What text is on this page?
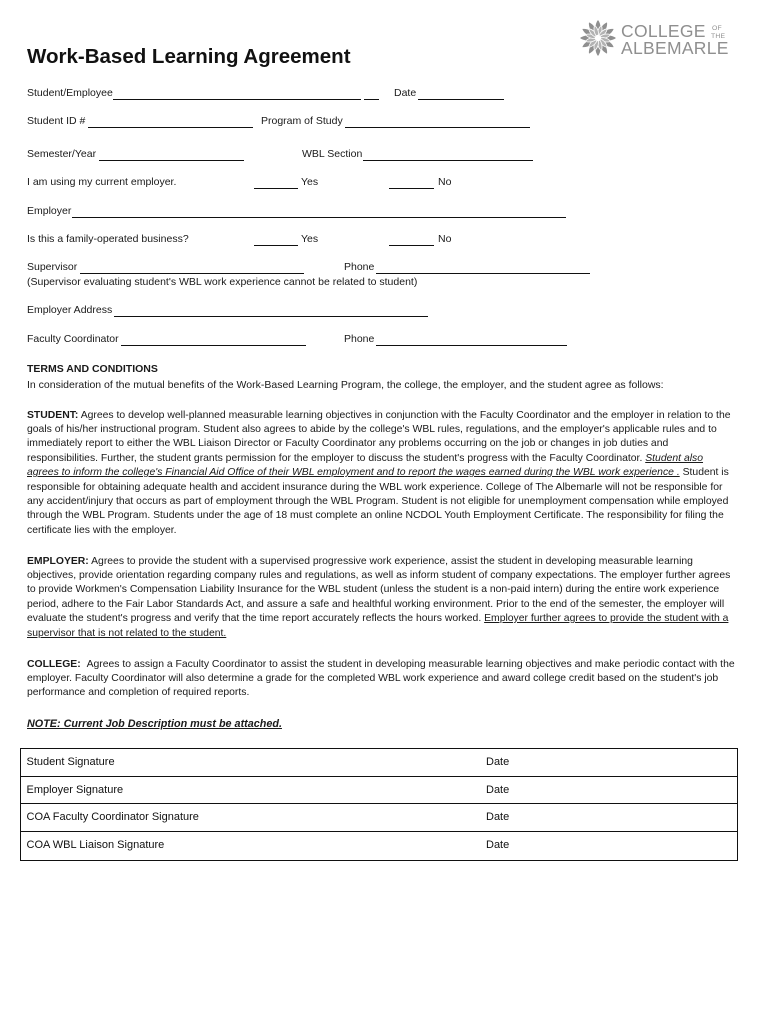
Work-Based Learning Agreement
COLLEGE OF
THE
ALBEMARLE
Student/Employee	Date
Student ID #	Program of Study
Semester/Year	WBL Section
I am using my current employer.	Yes	No
Employer
Is this a family-operated business?	Yes	No
Supervisor	Phone
(Supervisor evaluating student's WBL work experience cannot be related to student)
Employer Address
Faculty Coordinator	Phone
TERMS AND CONDITIONS
In consideration of the mutual benefits of the Work-Based Learning Program, the college, the employer, and the student agree as follows:
STUDENT: Agrees to develop well-planned measurable learning objectives in conjunction with the Faculty Coordinator and the employer in relation to the
goals of his/her instructional program. Student also agrees to abide by the college's WBL rules, regulations, and the employer's applicable rules and to
immediately report to either the WBL Liaison Director or Faculty Coordinator any problems occurring on the job or changes in job duties and
responsibilities. Further, the student grants permission for the employer to discuss the student's progress with the Faculty Coordinator. Student also
agrees to inform the college's Financial Aid Office of their WBL employment and to report the wages earned during the WBL work experience . Student is
responsible for obtaining adequate health and accident insurance during the WBL work experience. College of The Albemarle will not be responsible for
any accident/injury that occurs as part of employment through the WBL Program. Student is not eligible for unemployment compensation while employed
through the WBL Program. Students under the age of 18 must complete an online NCDOL Youth Employment Certificate. The responsibility for filing the
certificate lies with the employer.
EMPLOYER: Agrees to provide the student with a supervised progressive work experience, assist the student in developing measurable learning
objectives, provide orientation regarding company rules and regulations, as well as inform student of company expectations. The employer further agrees
to provide Workmen's Compensation Liability Insurance for the WBL student (unless the student is a non-paid intern) during the entire work experience
period, adhere to the Fair Labor Standards Act, and assure a safe and healthful working environment. Prior to the end of the semester, the employer will
evaluate the student's progress and verify that the time report accurately reflects the hours worked. Employer further agrees to provide the student with a
supervisor that is not related to the student.
COLLEGE: Agrees to assign a Faculty Coordinator to assist the student in developing measurable learning objectives and make periodic contact with the
employer. Faculty Coordinator will also determine a grade for the completed WBL work experience and award college credit based on the student's job
performance and completion of required reports.
NOTE: Current Job Description must be attached.
Student Signature	Date
Employer Signature	Date
COA Faculty Coordinator Signature	Date
COA WBL Liaison Signature	Date
